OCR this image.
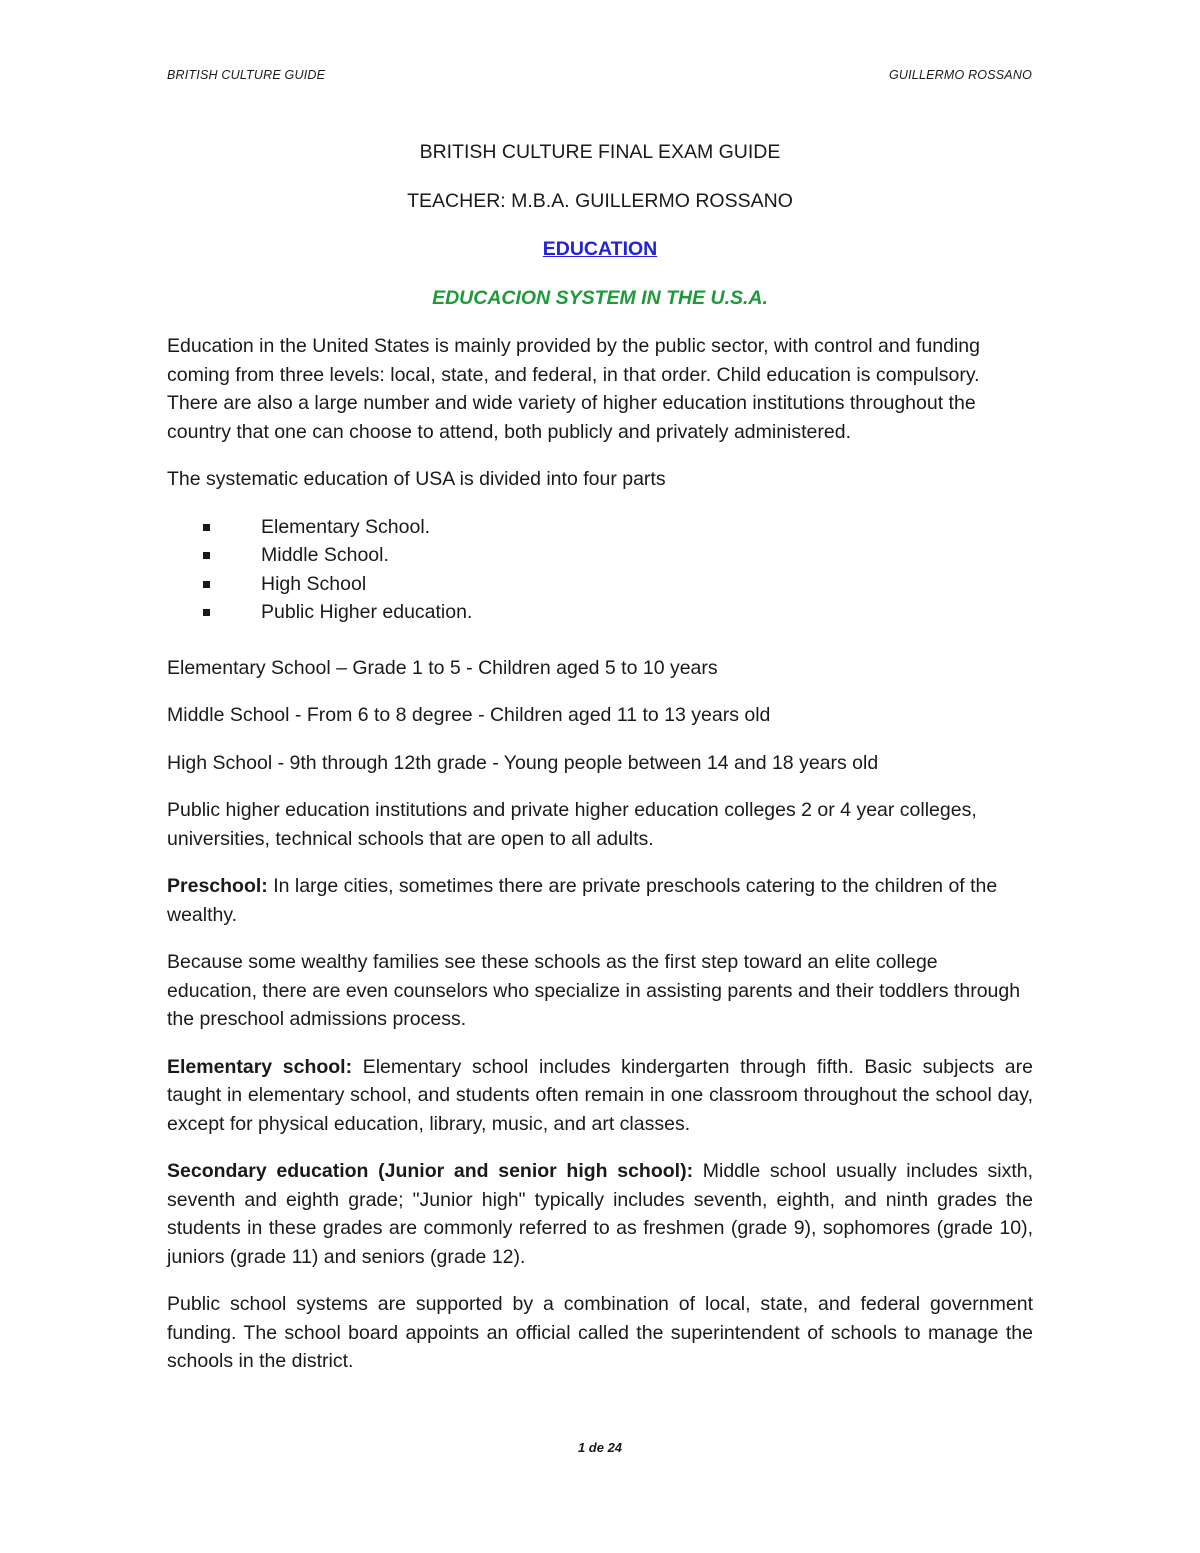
BRITISH CULTURE GUIDE	GUILLERMO ROSSANO
BRITISH CULTURE FINAL EXAM GUIDE
TEACHER: M.B.A. GUILLERMO ROSSANO
EDUCATION
EDUCACION SYSTEM IN THE U.S.A.

Education in the United States is mainly provided by the public sector, with control and funding coming from three levels: local, state, and federal, in that order. Child education is compulsory. There are also a large number and wide variety of higher education institutions throughout the country that one can choose to attend, both publicly and privately administered.

The systematic education of USA is divided into four parts

Elementary School.
Middle School.
High School
Public Higher education.

Elementary School – Grade 1 to 5 - Children aged 5 to 10 years

Middle School - From 6 to 8 degree - Children aged 11 to 13 years old

High School - 9th through 12th grade - Young people between 14 and 18 years old

Public higher education institutions and private higher education colleges 2 or 4 year colleges, universities, technical schools that are open to all adults.

Preschool: In large cities, sometimes there are private preschools catering to the children of the wealthy.

Because some wealthy families see these schools as the first step toward an elite college education, there are even counselors who specialize in assisting parents and their toddlers through the preschool admissions process.

Elementary school: Elementary school includes kindergarten through fifth. Basic subjects are taught in elementary school, and students often remain in one classroom throughout the school day, except for physical education, library, music, and art classes.

Secondary education (Junior and senior high school): Middle school usually includes sixth, seventh and eighth grade; "Junior high" typically includes seventh, eighth, and ninth grades the students in these grades are commonly referred to as freshmen (grade 9), sophomores (grade 10), juniors (grade 11) and seniors (grade 12).

Public school systems are supported by a combination of local, state, and federal government funding. The school board appoints an official called the superintendent of schools to manage the schools in the district.

1 de 24
